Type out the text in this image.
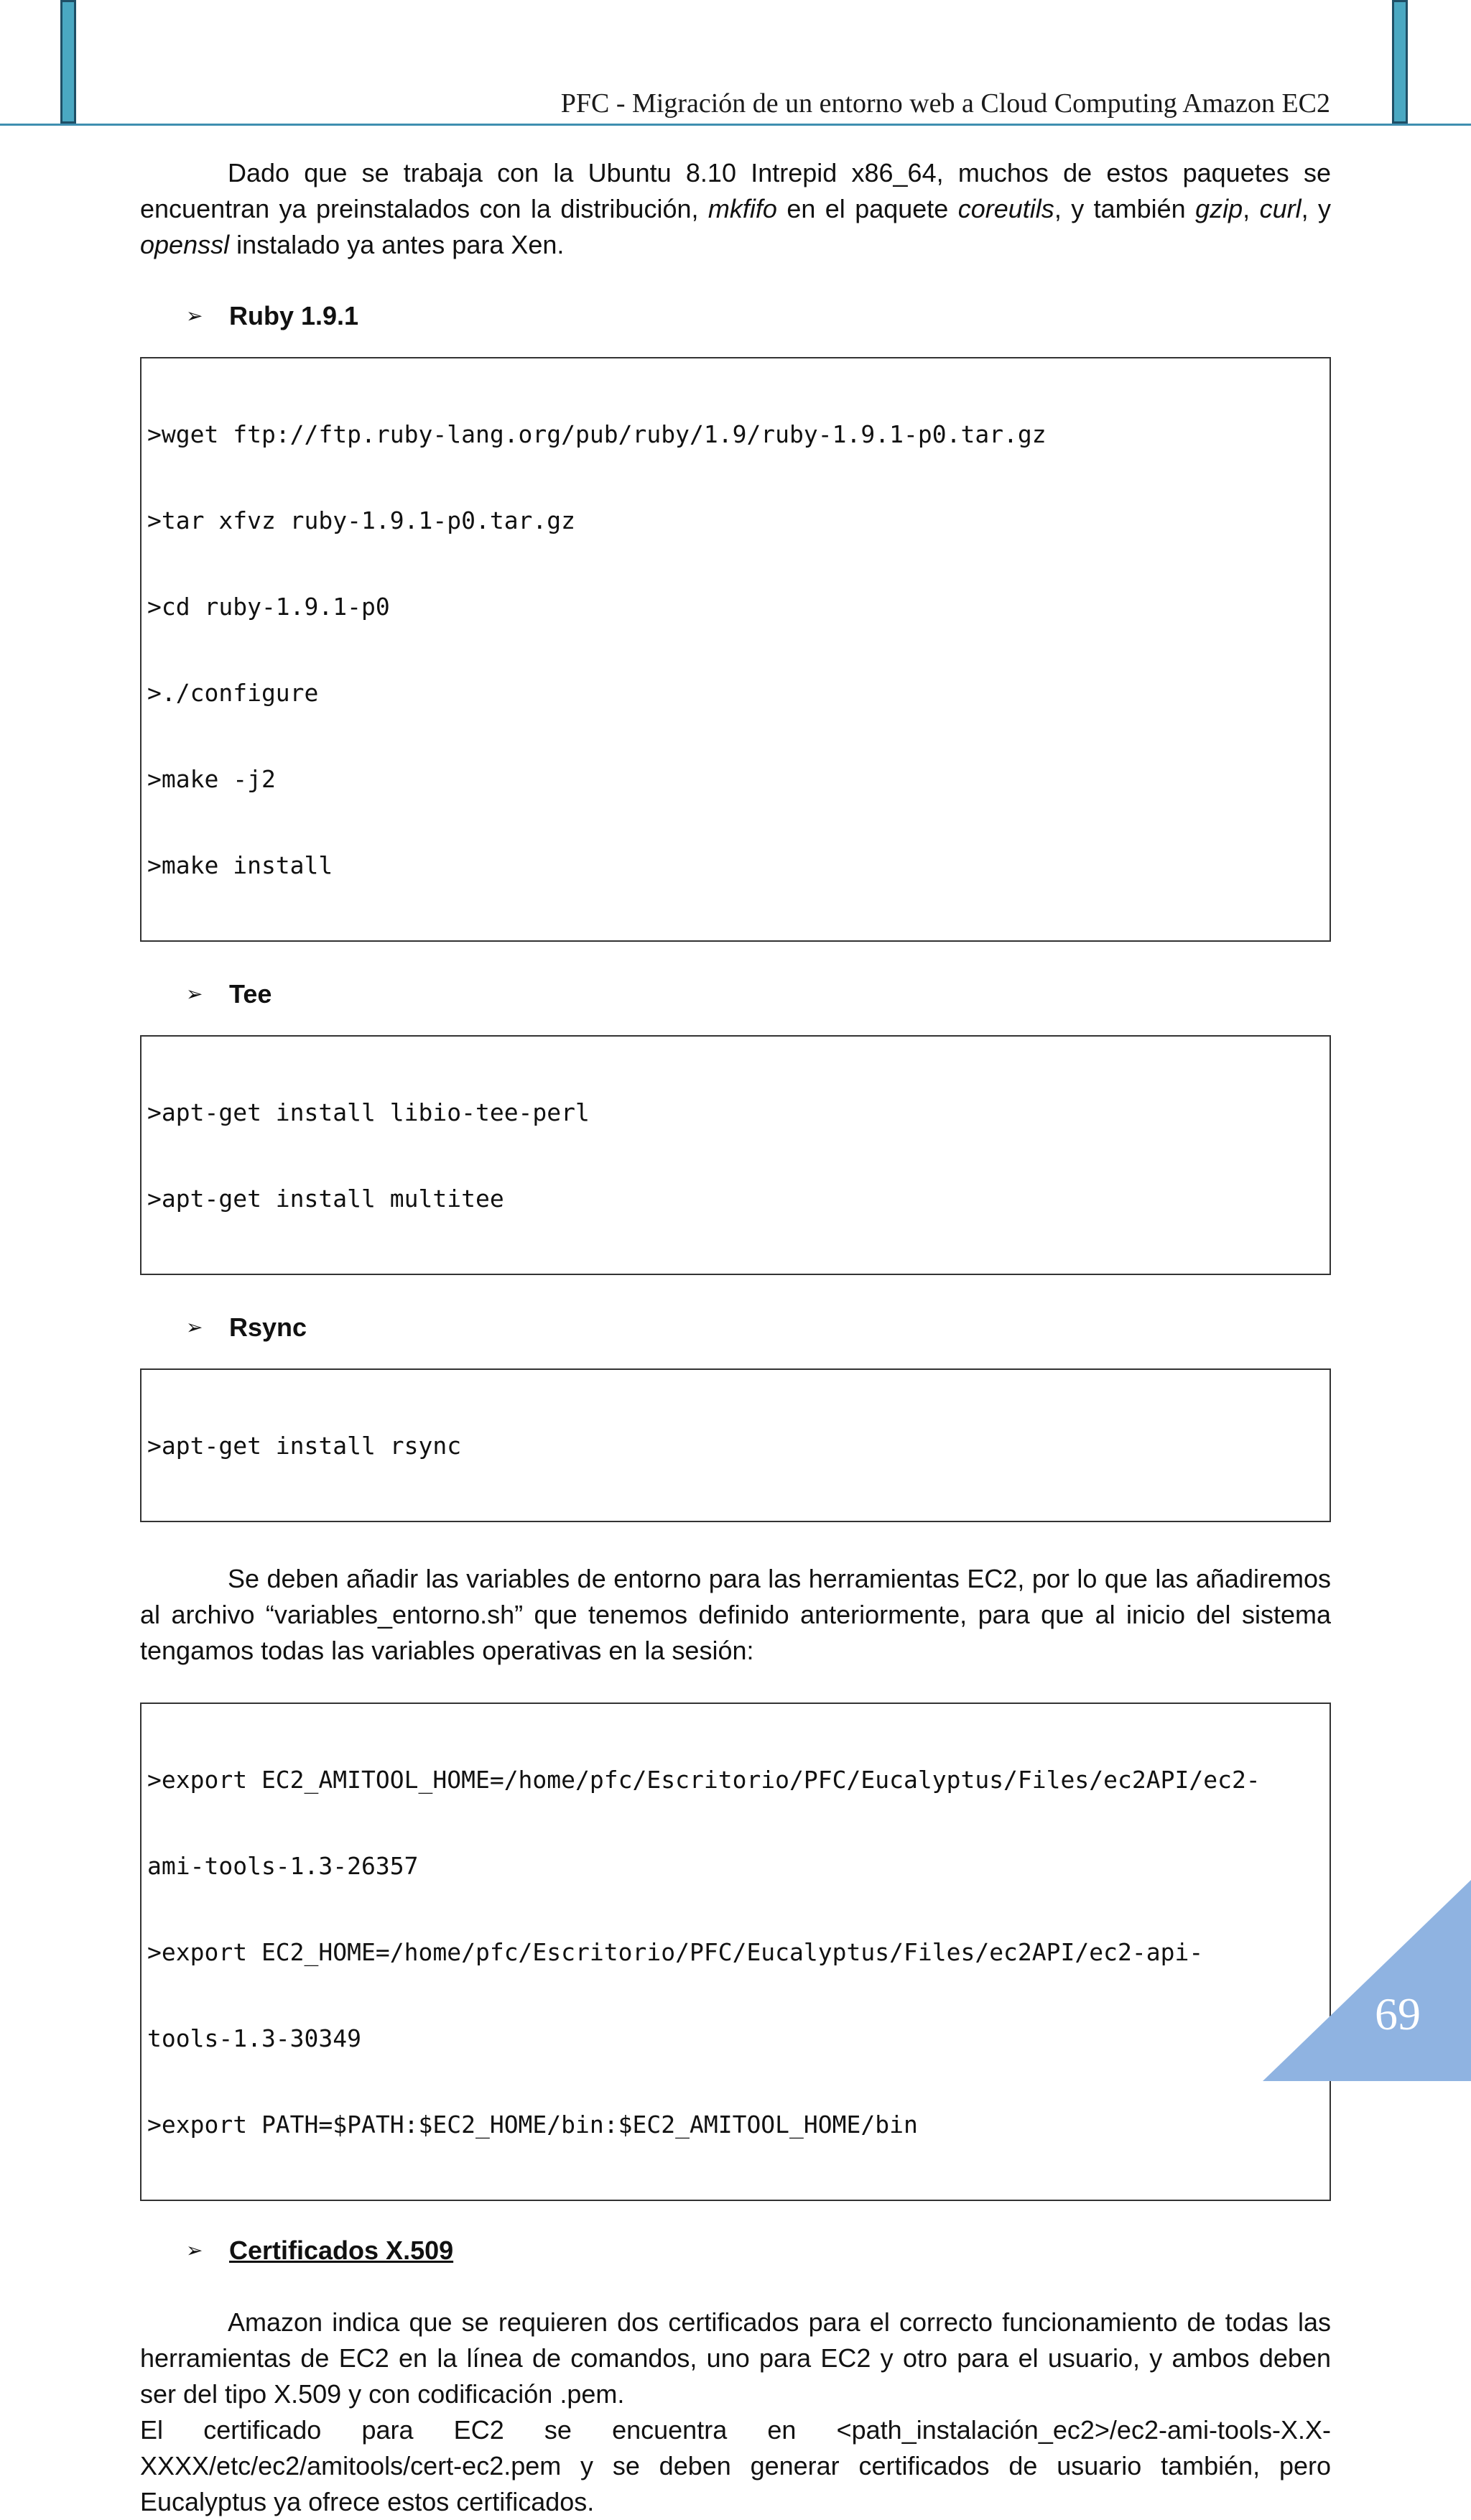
PFC - Migración de un entorno web a Cloud Computing Amazon EC2

Dado que se trabaja con la Ubuntu 8.10 Intrepid x86_64, muchos de estos paquetes se encuentran ya preinstalados con la distribución, mkfifo en el paquete coreutils, y también gzip, curl, y openssl instalado ya antes para Xen.

➢ Ruby 1.9.1

>wget ftp://ftp.ruby-lang.org/pub/ruby/1.9/ruby-1.9.1-p0.tar.gz

>tar xfvz ruby-1.9.1-p0.tar.gz

>cd ruby-1.9.1-p0

>./configure

>make -j2

>make install

➢ Tee

>apt-get install libio-tee-perl

>apt-get install multitee

➢ Rsync

>apt-get install rsync

Se deben añadir las variables de entorno para las herramientas EC2, por lo que las añadiremos al archivo “variables_entorno.sh” que tenemos definido anteriormente, para que al inicio del sistema tengamos todas las variables operativas en la sesión:

>export EC2_AMITOOL_HOME=/home/pfc/Escritorio/PFC/Eucalyptus/Files/ec2API/ec2-

ami-tools-1.3-26357

>export EC2_HOME=/home/pfc/Escritorio/PFC/Eucalyptus/Files/ec2API/ec2-api-

tools-1.3-30349

>export PATH=$PATH:$EC2_HOME/bin:$EC2_AMITOOL_HOME/bin

➢ Certificados X.509

Amazon indica que se requieren dos certificados para el correcto funcionamiento de todas las herramientas de EC2 en la línea de comandos, uno para EC2 y otro para el usuario, y ambos deben ser del tipo X.509 y con codificación .pem.

El certificado para EC2 se encuentra en <path_instalación_ec2>/ec2-ami-tools-X.X-XXXX/etc/ec2/amitools/cert-ec2.pem y se deben generar certificados de usuario también, pero Eucalyptus ya ofrece estos certificados.

69
